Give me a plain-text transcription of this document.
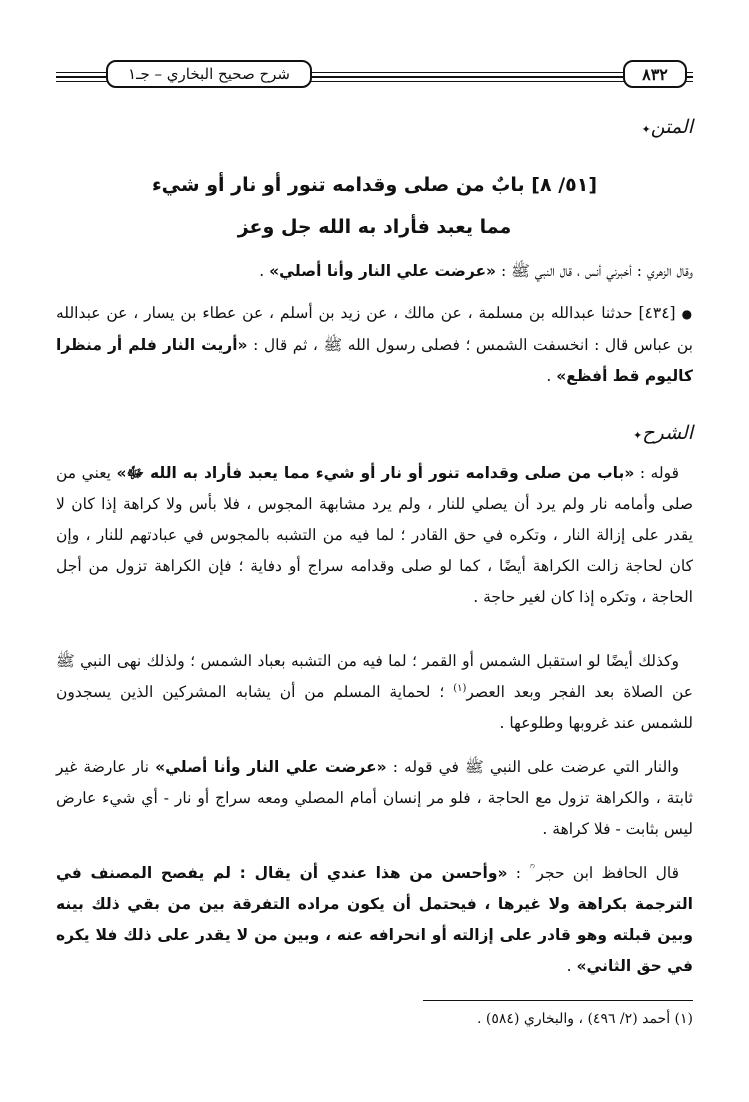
٨٣٢
شرح صحيح البخاري – جـ١
المتن✦
[٥١/ ٨] بابٌ من صلى وقدامه تنور أو نار أو شيء
مما يعبد فأراد به الله جل وعز

وقال الزهري : أخبرني أنس ، قال النبي ﷺ : «عرضت علي النار وأنا أصلي» .

●[٤٣٤] حدثنا عبدالله بن مسلمة ، عن مالك ، عن زيد بن أسلم ، عن عطاء بن يسار ، عن عبدالله بن عباس قال : انخسفت الشمس ؛ فصلى رسول الله ﷺ ، ثم قال : «أريت النار فلم أر منظرا كاليوم قط أفظع» .

الشرح✦

قوله : «باب من صلى وقدامه تنور أو نار أو شيء مما يعبد فأراد به الله ﷻ» يعني من صلى وأمامه نار ولم يرد أن يصلي للنار ، ولم يرد مشابهة المجوس ، فلا بأس ولا كراهة إذا كان لا يقدر على إزالة النار ، وتكره في حق القادر ؛ لما فيه من التشبه بالمجوس في عبادتهم للنار ، وإن كان لحاجة زالت الكراهة أيضًا ، كما لو صلى وقدامه سراج أو دفاية ؛ فإن الكراهة تزول من أجل الحاجة ، وتكره إذا كان لغير حاجة .

وكذلك أيضًا لو استقبل الشمس أو القمر ؛ لما فيه من التشبه بعباد الشمس ؛ ولذلك نهى النبي ﷺ عن الصلاة بعد الفجر وبعد العصر$^{(١)}$ ؛ لحماية المسلم من أن يشابه المشركين الذين يسجدون للشمس عند غروبها وطلوعها .

والنار التي عرضت على النبي ﷺ في قوله : «عرضت علي النار وأنا أصلي» نار عارضة غير ثابتة ، والكراهة تزول مع الحاجة ، فلو مر إنسان أمام المصلي ومعه سراج أو نار - أي شيء عارض ليس بثابت - فلا كراهة .

قال الحافظ ابن حجر ؒ : «وأحسن من هذا عندي أن يقال : لم يفصح المصنف في الترجمة بكراهة ولا غيرها ، فيحتمل أن يكون مراده التفرقة بين من بقي ذلك بينه وبين قبلته وهو قادر على إزالته أو انحرافه عنه ، وبين من لا يقدر على ذلك فلا يكره في حق الثاني» .

(١) أحمد (٢/ ٤٩٦) ، والبخاري (٥٨٤) .
